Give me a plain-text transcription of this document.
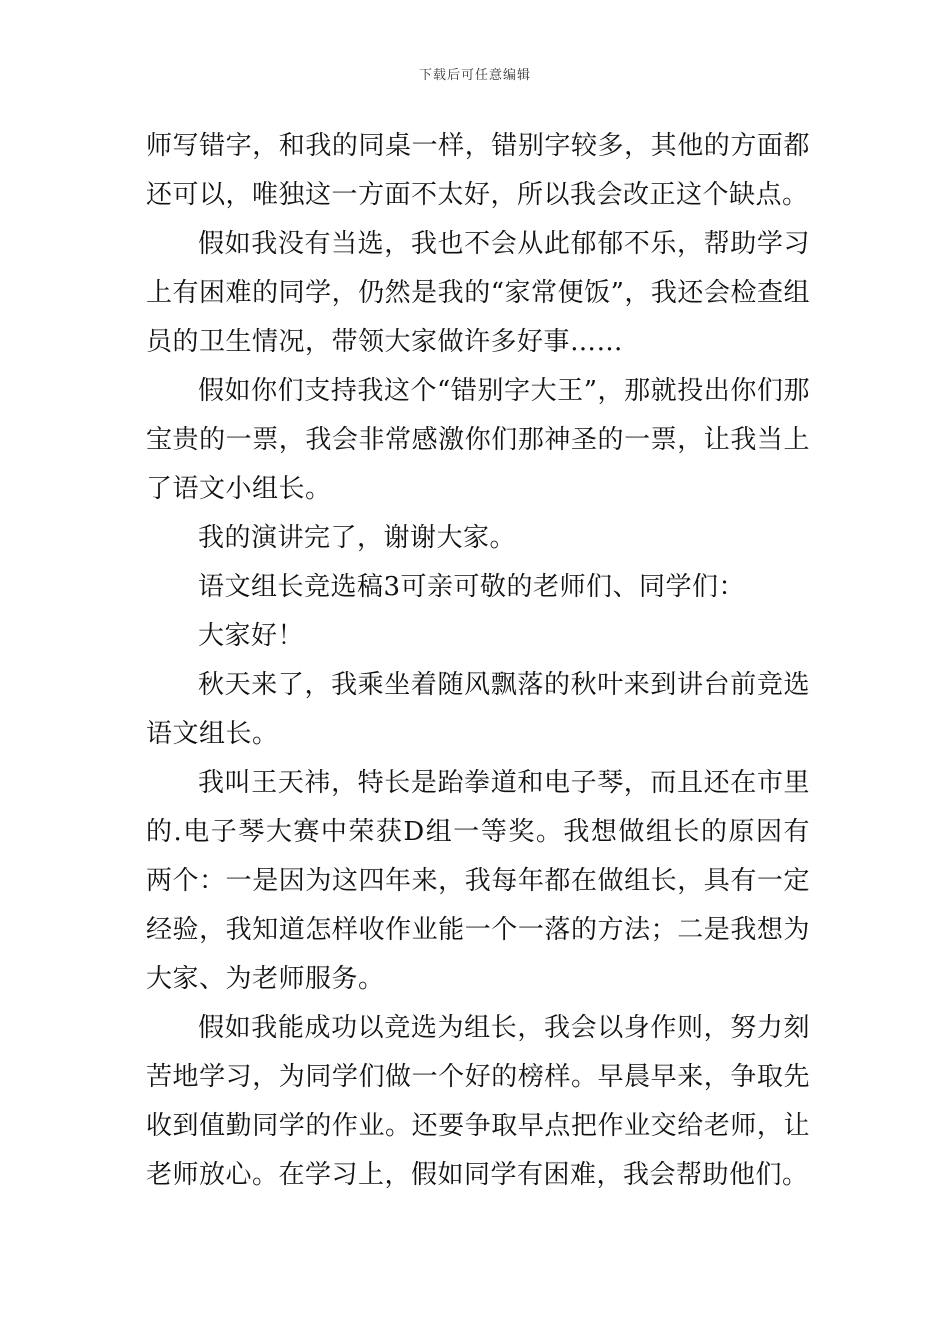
下载后可任意编辑

师写错字，和我的同桌一样，错别字较多，其他的方面都还可以，唯独这一方面不太好，所以我会改正这个缺点。

假如我没有当选，我也不会从此郁郁不乐，帮助学习上有困难的同学，仍然是我的“家常便饭”，我还会检查组员的卫生情况，带领大家做许多好事……

假如你们支持我这个“错别字大王”，那就投出你们那宝贵的一票，我会非常感激你们那神圣的一票，让我当上了语文小组长。

我的演讲完了，谢谢大家。

语文组长竞选稿3可亲可敬的老师们、同学们：

大家好！

秋天来了，我乘坐着随风飘落的秋叶来到讲台前竞选语文组长。

我叫王天祎，特长是跆拳道和电子琴，而且还在市里的.电子琴大赛中荣获D组一等奖。我想做组长的原因有两个：一是因为这四年来，我每年都在做组长，具有一定经验，我知道怎样收作业能一个一落的方法；二是我想为大家、为老师服务。

假如我能成功以竞选为组长，我会以身作则，努力刻苦地学习，为同学们做一个好的榜样。早晨早来，争取先收到值勤同学的作业。还要争取早点把作业交给老师，让老师放心。在学习上，假如同学有困难，我会帮助他们。
